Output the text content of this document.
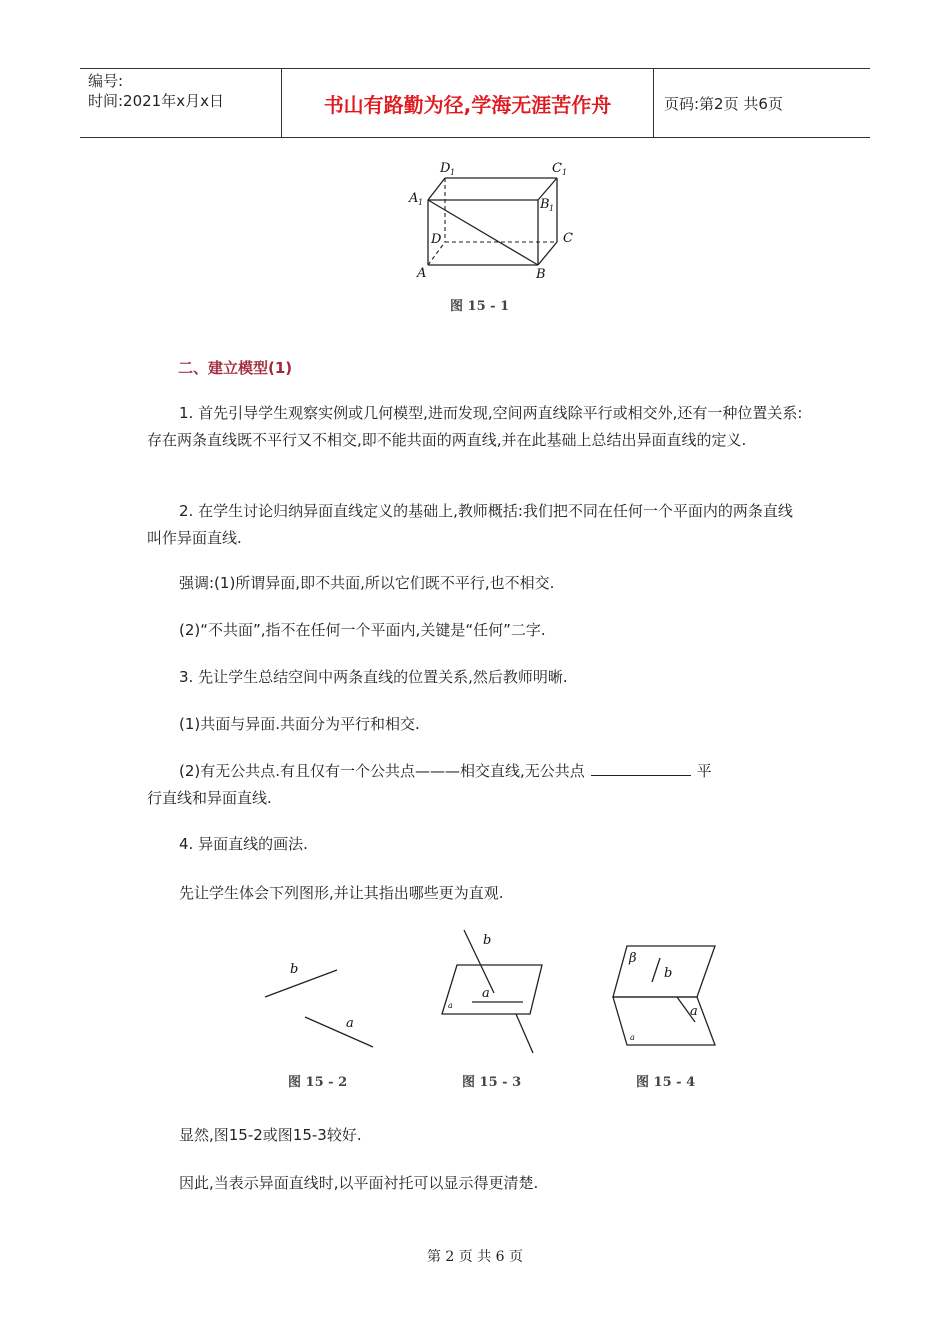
编号:
时间:2021年x月x日	书山有路勤为径,学海无涯苦作舟	页码:第2页 共6页
D 1	C 1
A 1	B 1
D	C
A	B
图 15 - 1
二、建立模型(1)
1. 首先引导学生观察实例或几何模型,进而发现,空间两直线除平行或相交外,还有一种位置关系:存在两条直线既不平行又不相交,即不能共面的两直线,并在此基础上总结出异面直线的定义.
2. 在学生讨论归纳异面直线定义的基础上,教师概括:我们把不同在任何一个平面内的两条直线叫作异面直线.
强调:(1)所谓异面,即不共面,所以它们既不平行,也不相交.
(2)“不共面”,指不在任何一个平面内,关键是“任何”二字.
3. 先让学生总结空间中两条直线的位置关系,然后教师明晰.
(1)共面与异面.共面分为平行和相交.
(2)有无公共点.有且仅有一个公共点———相交直线,无公共点	平
行直线和异面直线.
4. 异面直线的画法.
先让学生体会下列图形,并让其指出哪些更为直观.
b
a
图 15 - 2
b
a
a
图 15 - 3
β
b
a
a
图 15 - 4
显然,图15-2或图15-3较好.
因此,当表示异面直线时,以平面衬托可以显示得更清楚.
第 2 页 共 6 页
